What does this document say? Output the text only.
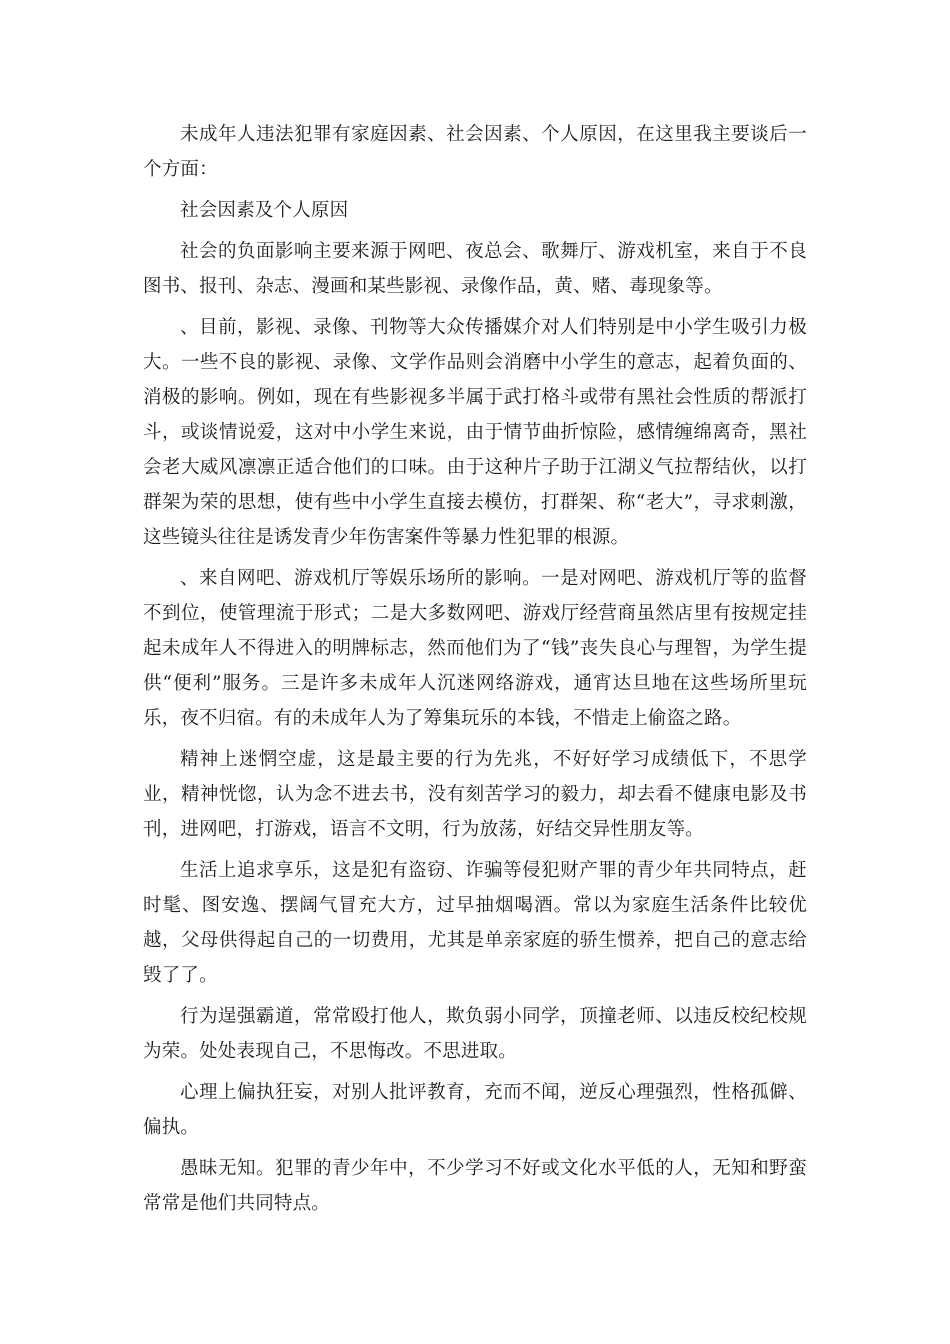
未成年人违法犯罪有家庭因素、社会因素、个人原因，在这里我主要谈后一个方面：

社会因素及个人原因

社会的负面影响主要来源于网吧、夜总会、歌舞厅、游戏机室，来自于不良图书、报刊、杂志、漫画和某些影视、录像作品，黄、赌、毒现象等。

、目前，影视、录像、刊物等大众传播媒介对人们特别是中小学生吸引力极大。一些不良的影视、录像、文学作品则会消磨中小学生的意志，起着负面的、消极的影响。例如，现在有些影视多半属于武打格斗或带有黑社会性质的帮派打斗，或谈情说爱，这对中小学生来说，由于情节曲折惊险，感情缠绵离奇，黑社会老大威风凛凛正适合他们的口味。由于这种片子助于江湖义气拉帮结伙，以打群架为荣的思想，使有些中小学生直接去模仿，打群架、称“老大”，寻求刺激，这些镜头往往是诱发青少年伤害案件等暴力性犯罪的根源。

、来自网吧、游戏机厅等娱乐场所的影响。一是对网吧、游戏机厅等的监督不到位，使管理流于形式；二是大多数网吧、游戏厅经营商虽然店里有按规定挂起未成年人不得进入的明牌标志，然而他们为了“钱”丧失良心与理智，为学生提供“便利”服务。三是许多未成年人沉迷网络游戏，通宵达旦地在这些场所里玩乐，夜不归宿。有的未成年人为了筹集玩乐的本钱，不惜走上偷盗之路。

精神上迷惘空虚，这是最主要的行为先兆，不好好学习成绩低下，不思学业，精神恍惚，认为念不进去书，没有刻苦学习的毅力，却去看不健康电影及书刊，进网吧，打游戏，语言不文明，行为放荡，好结交异性朋友等。

生活上追求享乐，这是犯有盗窃、诈骗等侵犯财产罪的青少年共同特点，赶时髦、图安逸、摆阔气冒充大方，过早抽烟喝酒。常以为家庭生活条件比较优越，父母供得起自己的一切费用，尤其是单亲家庭的骄生惯养，把自己的意志给毁了了。

行为逞强霸道，常常殴打他人，欺负弱小同学，顶撞老师、以违反校纪校规为荣。处处表现自己，不思悔改。不思进取。

心理上偏执狂妄，对别人批评教育，充而不闻，逆反心理强烈，性格孤僻、偏执。

愚昧无知。犯罪的青少年中，不少学习不好或文化水平低的人，无知和野蛮常常是他们共同特点。
